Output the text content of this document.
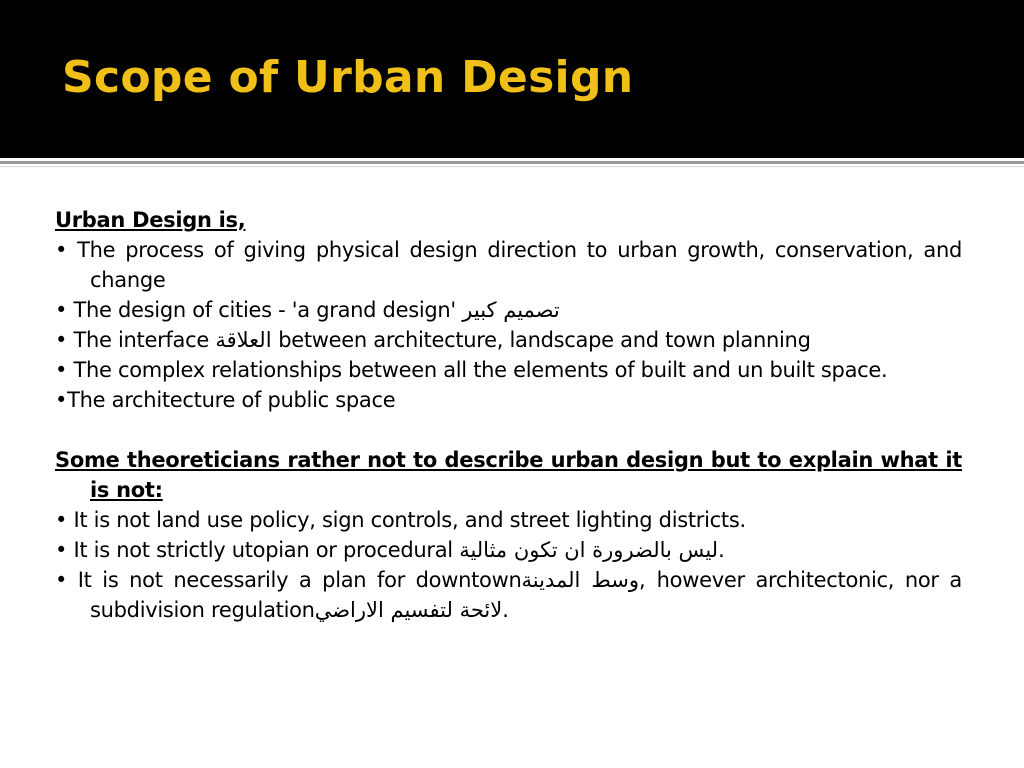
Scope of Urban Design

Urban Design is,

• The process of giving physical design direction to urban growth, conservation, and change

• The design of cities - 'a grand design' تصميم كبير

• The interface العلاقة between architecture, landscape and town planning

• The complex relationships between all the elements of built and un built space.

•The architecture of public space

Some theoreticians rather not to describe urban design but to explain what it is not:

• It is not land use policy, sign controls, and street lighting districts.

• It is not strictly utopian or procedural ليس بالضرورة ان تكون مثالية.

• It is not necessarily a plan for downtownوسط المدينة, however architectonic, nor a subdivision regulationلائحة لتفسيم الاراضي.
